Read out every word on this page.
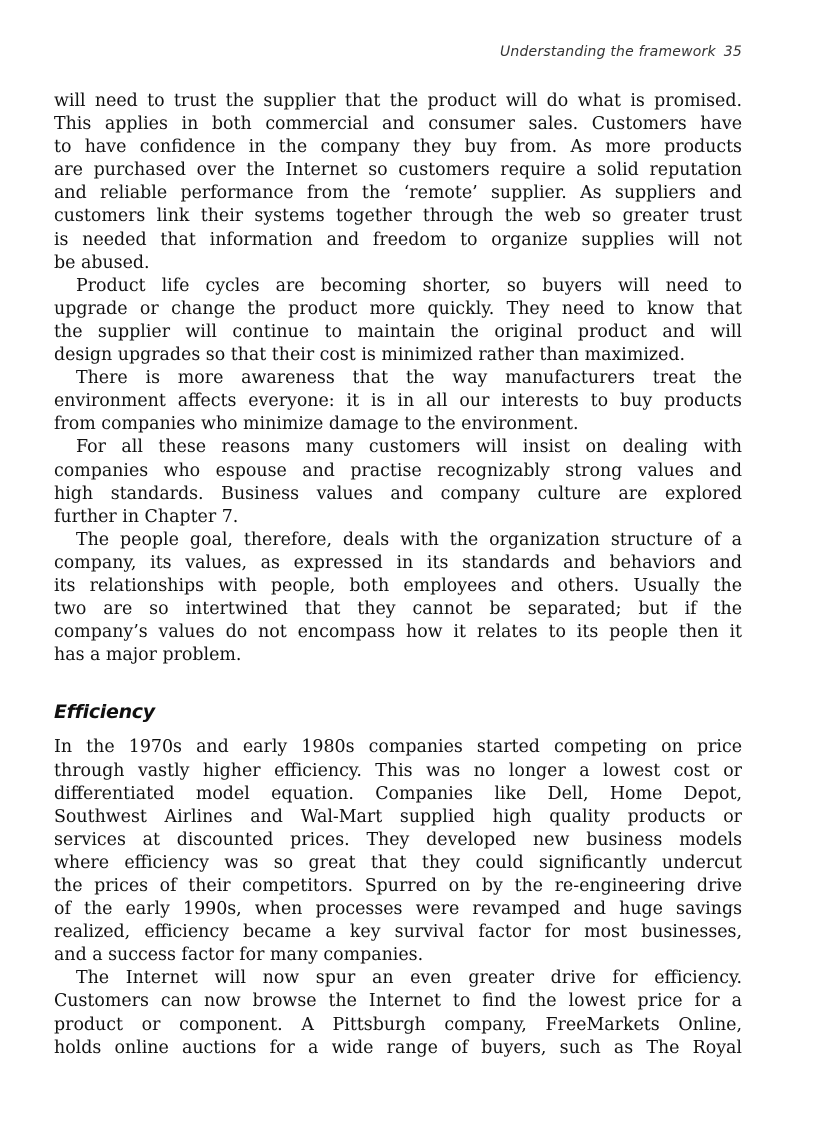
Understanding the framework 35

will need to trust the supplier that the product will do what is promised.
This applies in both commercial and consumer sales. Customers have
to have confidence in the company they buy from. As more products
are purchased over the Internet so customers require a solid reputation
and reliable performance from the ‘remote’ supplier. As suppliers and
customers link their systems together through the web so greater trust
is needed that information and freedom to organize supplies will not
be abused.

Product life cycles are becoming shorter, so buyers will need to
upgrade or change the product more quickly. They need to know that
the supplier will continue to maintain the original product and will
design upgrades so that their cost is minimized rather than maximized.

There is more awareness that the way manufacturers treat the
environment affects everyone: it is in all our interests to buy products
from companies who minimize damage to the environment.

For all these reasons many customers will insist on dealing with
companies who espouse and practise recognizably strong values and
high standards. Business values and company culture are explored
further in Chapter 7.

The people goal, therefore, deals with the organization structure of a
company, its values, as expressed in its standards and behaviors and
its relationships with people, both employees and others. Usually the
two are so intertwined that they cannot be separated; but if the
company’s values do not encompass how it relates to its people then it
has a major problem.

Efficiency

In the 1970s and early 1980s companies started competing on price
through vastly higher efficiency. This was no longer a lowest cost or
differentiated model equation. Companies like Dell, Home Depot,
Southwest Airlines and Wal-Mart supplied high quality products or
services at discounted prices. They developed new business models
where efficiency was so great that they could significantly undercut
the prices of their competitors. Spurred on by the re-engineering drive
of the early 1990s, when processes were revamped and huge savings
realized, efficiency became a key survival factor for most businesses,
and a success factor for many companies.

The Internet will now spur an even greater drive for efficiency.
Customers can now browse the Internet to find the lowest price for a
product or component. A Pittsburgh company, FreeMarkets Online,
holds online auctions for a wide range of buyers, such as The Royal
